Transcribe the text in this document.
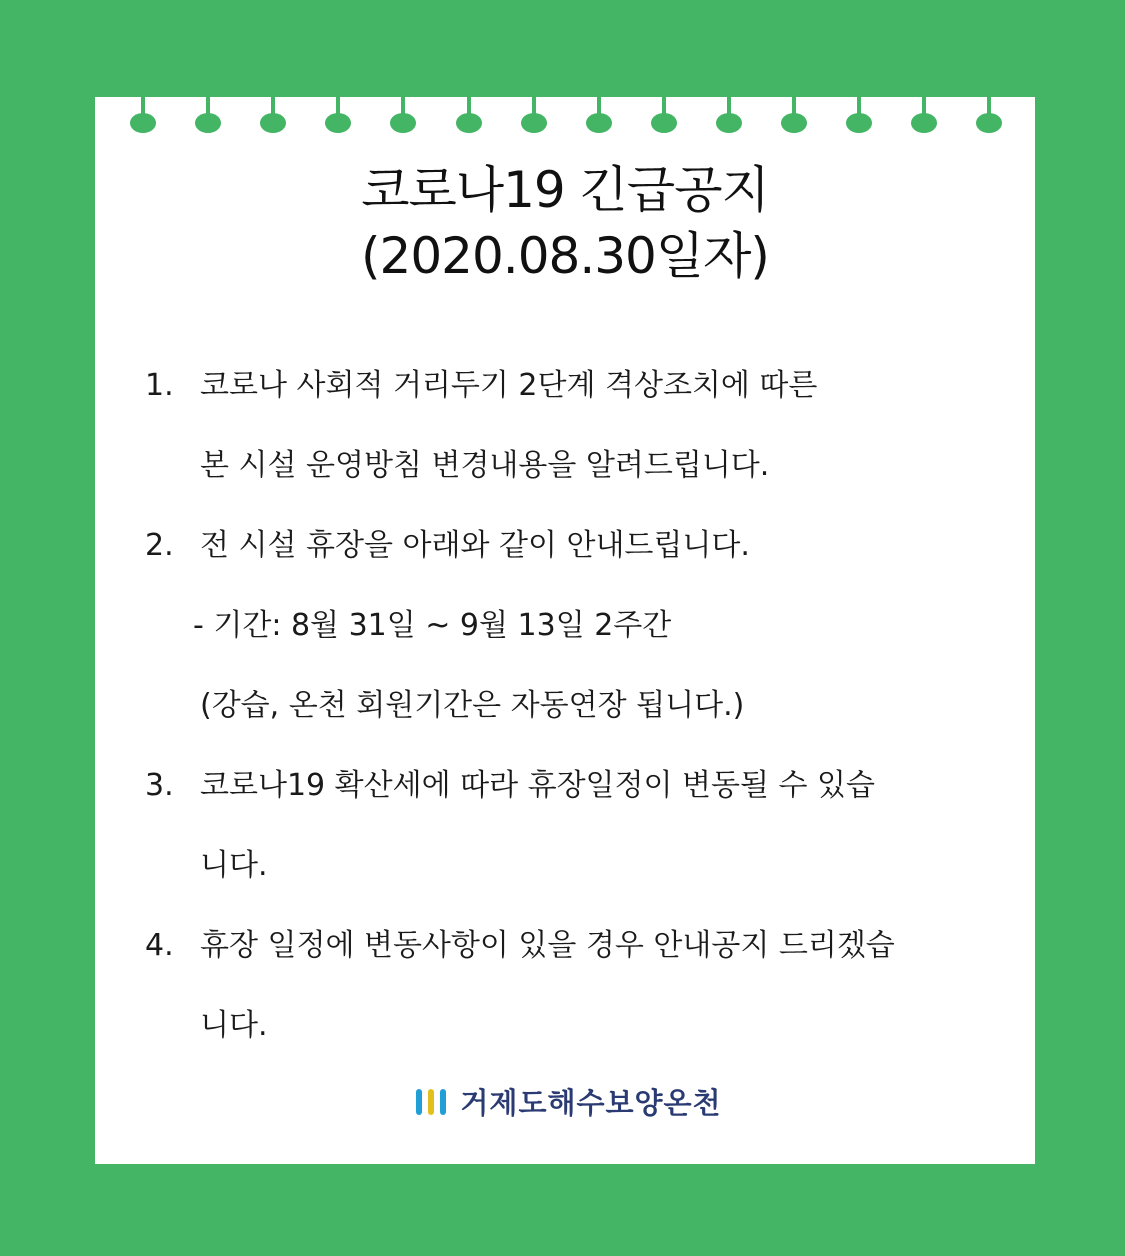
코로나19 긴급공지
(2020.08.30일자)
1. 코로나 사회적 거리두기 2단계 격상조치에 따른
본 시설 운영방침 변경내용을 알려드립니다.
2. 전 시설 휴장을 아래와 같이 안내드립니다.
- 기간: 8월 31일 ~ 9월 13일 2주간
(강습, 온천 회원기간은 자동연장 됩니다.)
3. 코로나19 확산세에 따라 휴장일정이 변동될 수 있습
니다.
4. 휴장 일정에 변동사항이 있을 경우 안내공지 드리겠습
니다.
거제도해수보양온천
